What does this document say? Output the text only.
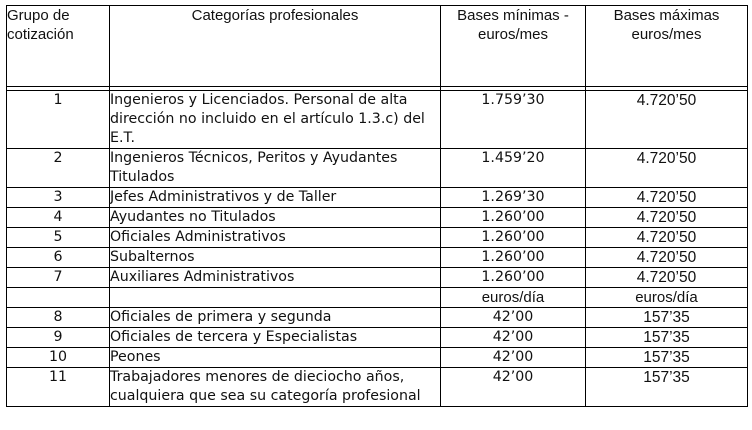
Grupo de cotización	Categorías profesionales	Bases mínimas - euros/mes	Bases máximas euros/mes

1	Ingenieros y Licenciados. Personal de alta dirección no incluido en el artículo 1.3.c) del E.T.	1.759’30	4.720’50
2	Ingenieros Técnicos, Peritos y Ayudantes Titulados	1.459’20	4.720’50
3	Jefes Administrativos y de Taller	1.269’30	4.720’50
4	Ayudantes no Titulados	1.260’00	4.720’50
5	Oficiales Administrativos	1.260’00	4.720’50
6	Subalternos	1.260’00	4.720’50
7	Auxiliares Administrativos	1.260’00	4.720’50
		euros/día	euros/día
8	Oficiales de primera y segunda	42’00	157’35
9	Oficiales de tercera y Especialistas	42’00	157’35
10	Peones	42’00	157’35
11	Trabajadores menores de dieciocho años, cualquiera que sea su categoría profesional	42’00	157’35
